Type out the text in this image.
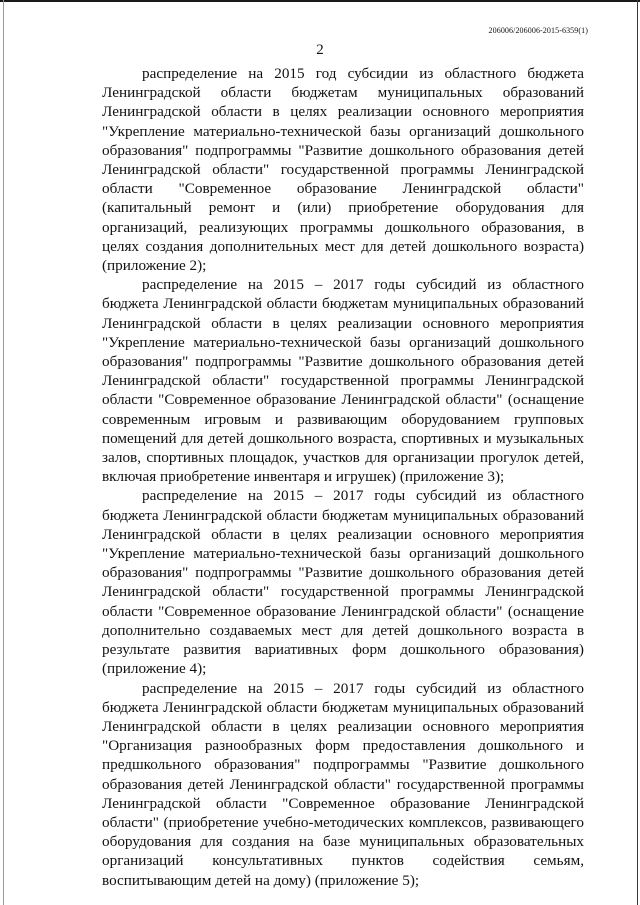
206006/206006-2015-6359(1)
2

распределение на 2015 год субсидии из областного бюджета Ленинградской области бюджетам муниципальных образований Ленинградской области в целях реализации основного мероприятия "Укрепление материально-технической базы организаций дошкольного образования" подпрограммы "Развитие дошкольного образования детей Ленинградской области" государственной программы Ленинградской области "Современное образование Ленинградской области" (капитальный ремонт и (или) приобретение оборудования для организаций, реализующих программы дошкольного образования, в целях создания дополнительных мест для детей дошкольного возраста) (приложение 2);

распределение на 2015 – 2017 годы субсидий из областного бюджета Ленинградской области бюджетам муниципальных образований Ленинградской области в целях реализации основного мероприятия "Укрепление материально-технической базы организаций дошкольного образования" подпрограммы "Развитие дошкольного образования детей Ленинградской области" государственной программы Ленинградской области "Современное образование Ленинградской области" (оснащение современным игровым и развивающим оборудованием групповых помещений для детей дошкольного возраста, спортивных и музыкальных залов, спортивных площадок, участков для организации прогулок детей, включая приобретение инвентаря и игрушек) (приложение 3);

распределение на 2015 – 2017 годы субсидий из областного бюджета Ленинградской области бюджетам муниципальных образований Ленинградской области в целях реализации основного мероприятия "Укрепление материально-технической базы организаций дошкольного образования" подпрограммы "Развитие дошкольного образования детей Ленинградской области" государственной программы Ленинградской области "Современное образование Ленинградской области" (оснащение дополнительно создаваемых мест для детей дошкольного возраста в результате развития вариативных форм дошкольного образования) (приложение 4);

распределение на 2015 – 2017 годы субсидий из областного бюджета Ленинградской области бюджетам муниципальных образований Ленинградской области в целях реализации основного мероприятия "Организация разнообразных форм предоставления дошкольного и предшкольного образования" подпрограммы "Развитие дошкольного образования детей Ленинградской области" государственной программы Ленинградской области "Современное образование Ленинградской области" (приобретение учебно-методических комплексов, развивающего оборудования для создания на базе муниципальных образовательных организаций консультативных пунктов содействия семьям, воспитывающим детей на дому) (приложение 5);
